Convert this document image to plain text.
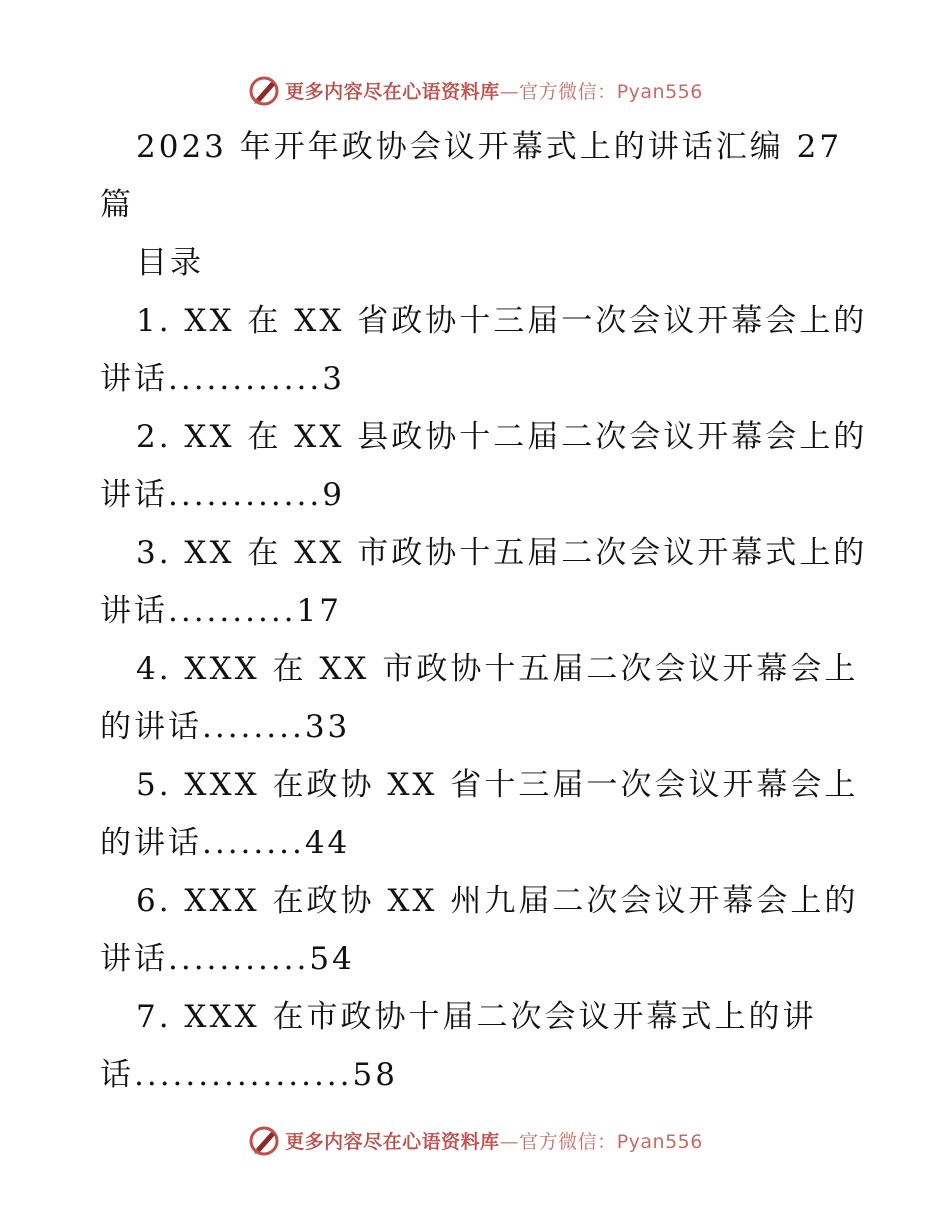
更多内容尽在心语资料库—官方微信：Pyan556
2023 年开年政协会议开幕式上的讲话汇编 27
篇
目录
1. XX 在 XX 省政协十三届一次会议开幕会上的
讲话............3
2. XX 在 XX 县政协十二届二次会议开幕会上的
讲话............9
3. XX 在 XX 市政协十五届二次会议开幕式上的
讲话..........17
4. XXX 在 XX 市政协十五届二次会议开幕会上
的讲话........33
5. XXX 在政协 XX 省十三届一次会议开幕会上
的讲话........44
6. XXX 在政协 XX 州九届二次会议开幕会上的
讲话...........54
7. XXX 在市政协十届二次会议开幕式上的讲
话.................58
更多内容尽在心语资料库—官方微信：Pyan556
